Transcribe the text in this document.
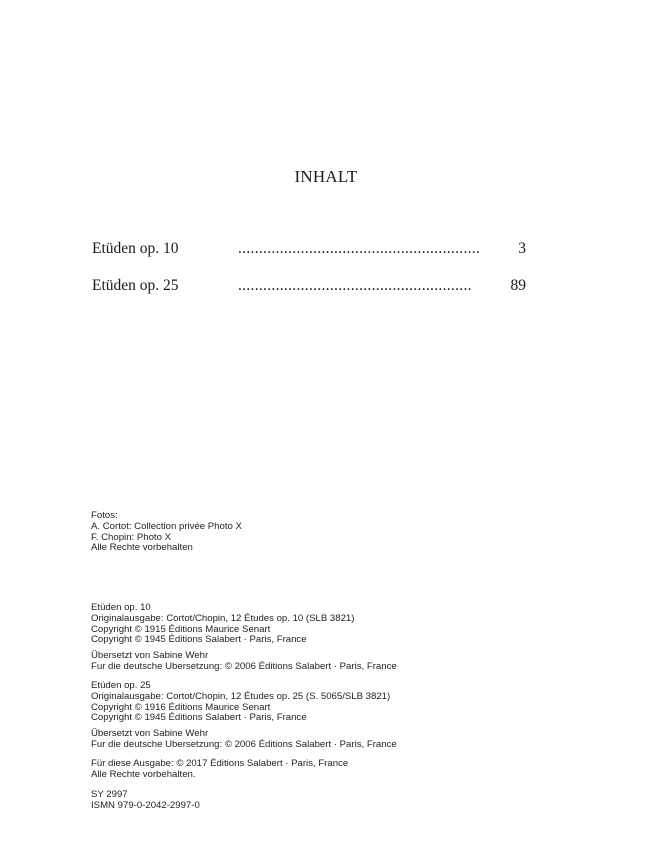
INHALT
Etüden op. 10	.......................................................... 3
Etüden op. 25	........................................................ 89
Fotos:
A. Cortot: Collection privée Photo X
F. Chopin: Photo X
Alle Rechte vorbehalten
Etüden op. 10
Originalausgabe: Cortot/Chopin, 12 Études op. 10 (SLB 3821)
Copyright © 1915 Éditions Maurice Senart
Copyright © 1945 Éditions Salabert · Paris, France
Übersetzt von Sabine Wehr
Fur die deutsche Ubersetzung: © 2006 Éditions Salabert · Paris, France
Etüden op. 25
Originalausgabe: Cortot/Chopin, 12 Études op. 25 (S. 5065/SLB 3821)
Copyright © 1916 Éditions Maurice Senart
Copyright © 1945 Éditions Salabert · Paris, France
Übersetzt von Sabine Wehr
Fur die deutsche Ubersetzung: © 2006 Éditions Salabert · Paris, France
Für diese Ausgabe: © 2017 Éditions Salabert · Paris, France
Alle Rechte vorbehalten.
SY 2997
ISMN 979-0-2042-2997-0
